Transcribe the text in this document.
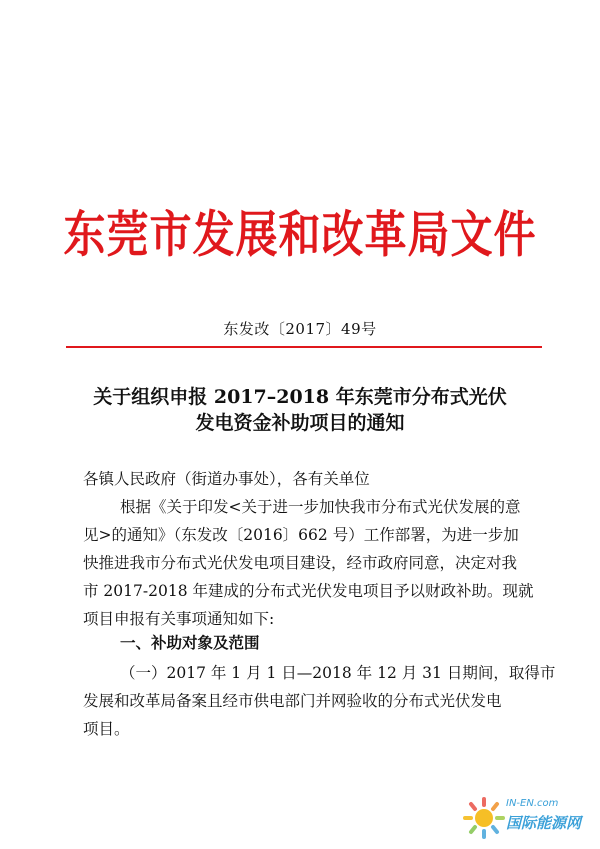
东莞市发展和改革局文件
东发改〔2017〕49号
关于组织申报 2017–2018 年东莞市分布式光伏
发电资金补助项目的通知
各镇人民政府（街道办事处），各有关单位
根据《关于印发<关于进一步加快我市分布式光伏发展的意
见>的通知》（东发改〔2016〕662 号）工作部署，为进一步加
快推进我市分布式光伏发电项目建设，经市政府同意，决定对我
市 2017-2018 年建成的分布式光伏发电项目予以财政补助。现就
项目申报有关事项通知如下:
一、补助对象及范围
（一）2017 年 1 月 1 日—2018 年 12 月 31 日期间，取得市
发展和改革局备案且经市供电部门并网验收的分布式光伏发电
项目。
IN-EN.com
国际能源网
